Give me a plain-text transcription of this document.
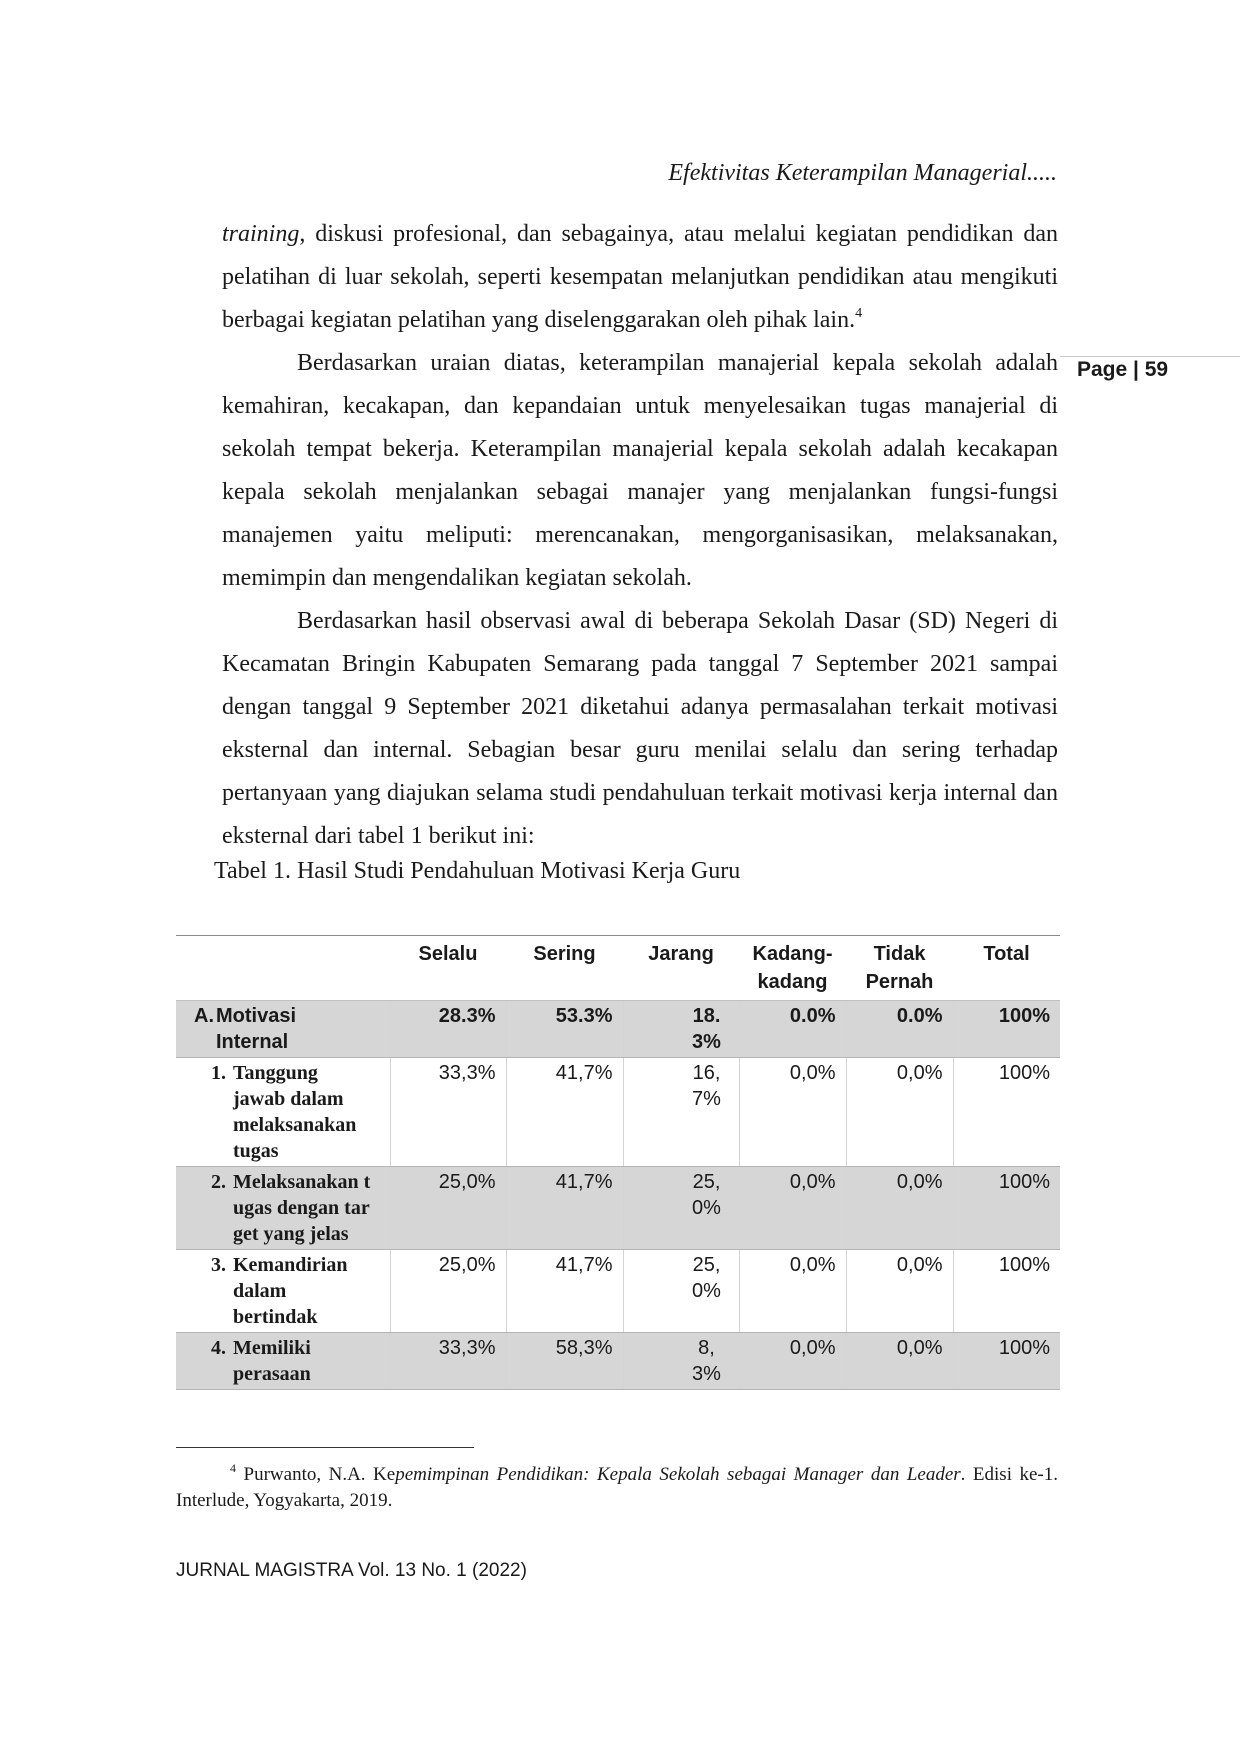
Efektivitas Keterampilan Managerial.....
Page | 59

training, diskusi profesional, dan sebagainya, atau melalui kegiatan pendidikan dan pelatihan di luar sekolah, seperti kesempatan melanjutkan pendidikan atau mengikuti berbagai kegiatan pelatihan yang diselenggarakan oleh pihak lain.$^4$

Berdasarkan uraian diatas, keterampilan manajerial kepala sekolah adalah kemahiran, kecakapan, dan kepandaian untuk menyelesaikan tugas manajerial di sekolah tempat bekerja. Keterampilan manajerial kepala sekolah adalah kecakapan kepala sekolah menjalankan sebagai manajer yang menjalankan fungsi-fungsi manajemen yaitu meliputi: merencanakan, mengorganisasikan, melaksanakan, memimpin dan mengendalikan kegiatan sekolah.

Berdasarkan hasil observasi awal di beberapa Sekolah Dasar (SD) Negeri di Kecamatan Bringin Kabupaten Semarang pada tanggal 7 September 2021 sampai dengan tanggal 9 September 2021 diketahui adanya permasalahan terkait motivasi eksternal dan internal. Sebagian besar guru menilai selalu dan sering terhadap pertanyaan yang diajukan selama studi pendahuluan terkait motivasi kerja internal dan eksternal dari tabel 1 berikut ini:

Tabel 1. Hasil Studi Pendahuluan Motivasi Kerja Guru
	Selalu	Sering	Jarang	Kadang-kadang	Tidak Pernah	Total

A. Motivasi Internal	28.3%	53.3%	18.3%	0.0%	0.0%	100%

1. Tanggung jawab dalam melaksanakan tugas	33,3%	41,7%	16,7%	0,0%	0,0%	100%

2. Melaksanakan tugas dengan target yang jelas	25,0%	41,7%	25,0%	0,0%	0,0%	100%

3. Kemandirian dalam bertindak	25,0%	41,7%	25,0%	0,0%	0,0%	100%

4. Memiliki perasaan	33,3%	58,3%	8,3%	0,0%	0,0%	100%

$^4$ Purwanto, N.A. Kepemimpinan Pendidikan: Kepala Sekolah sebagai Manager dan Leader. Edisi ke-1. Interlude, Yogyakarta, 2019.

JURNAL MAGISTRA Vol. 13 No. 1 (2022)
